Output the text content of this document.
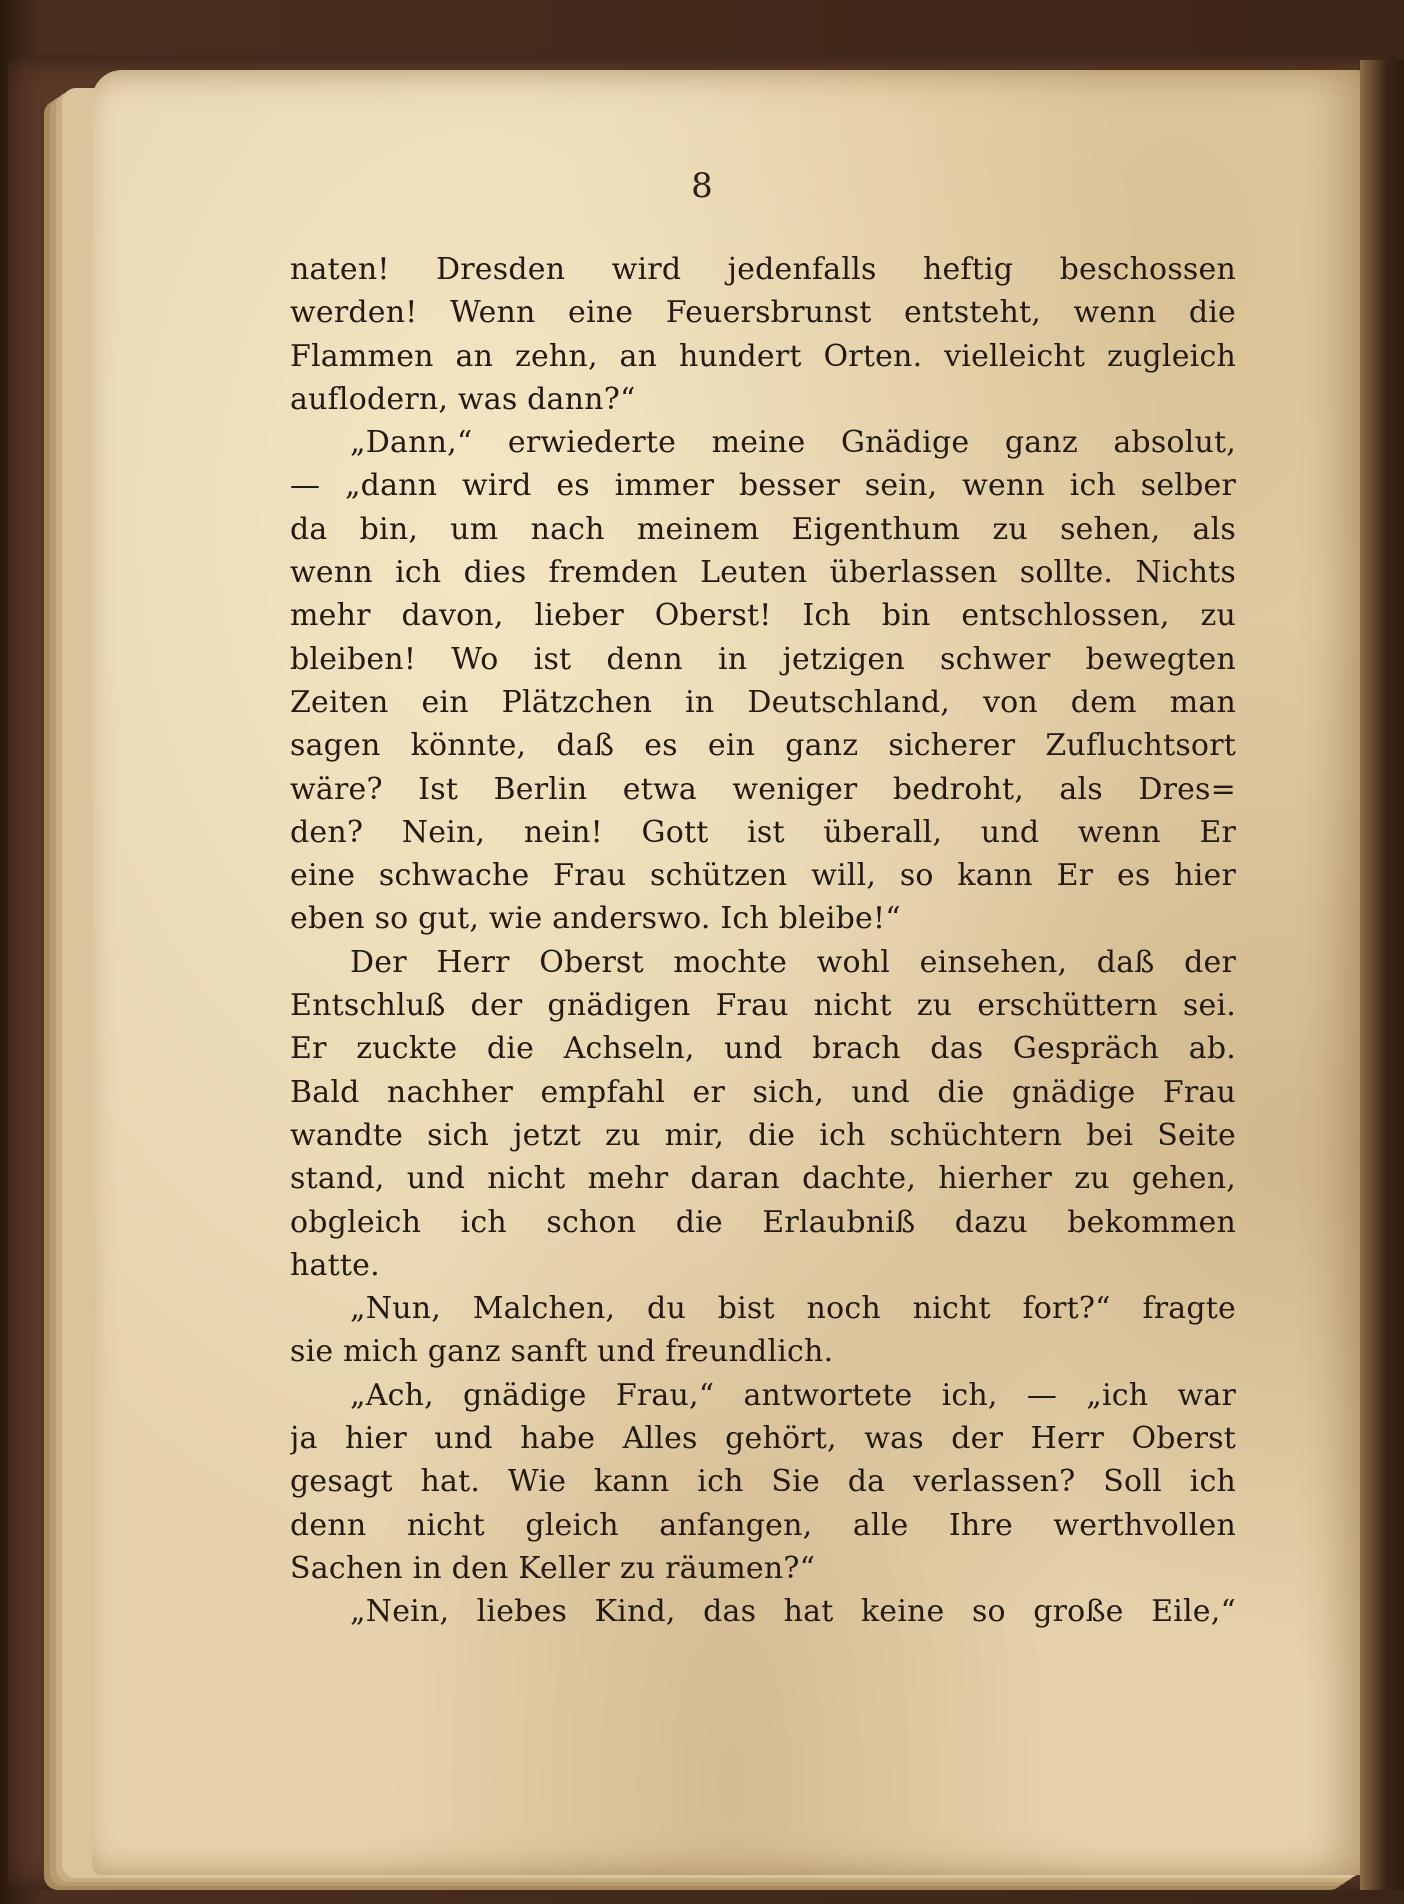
8
naten! Dresden wird jedenfalls heftig beschossen
werden! Wenn eine Feuersbrunst entsteht, wenn die
Flammen an zehn, an hundert Orten. vielleicht zugleich
auflodern, was dann?“
„Dann,“ erwiederte meine Gnädige ganz absolut,
— „dann wird es immer besser sein, wenn ich selber
da bin, um nach meinem Eigenthum zu sehen, als
wenn ich dies fremden Leuten überlassen sollte. Nichts
mehr davon, lieber Oberst! Ich bin entschlossen, zu
bleiben! Wo ist denn in jetzigen schwer bewegten
Zeiten ein Plätzchen in Deutschland, von dem man
sagen könnte, daß es ein ganz sicherer Zufluchtsort
wäre? Ist Berlin etwa weniger bedroht, als Dres=
den? Nein, nein! Gott ist überall, und wenn Er
eine schwache Frau schützen will, so kann Er es hier
eben so gut, wie anderswo. Ich bleibe!“
Der Herr Oberst mochte wohl einsehen, daß der
Entschluß der gnädigen Frau nicht zu erschüttern sei.
Er zuckte die Achseln, und brach das Gespräch ab.
Bald nachher empfahl er sich, und die gnädige Frau
wandte sich jetzt zu mir, die ich schüchtern bei Seite
stand, und nicht mehr daran dachte, hierher zu gehen,
obgleich ich schon die Erlaubniß dazu bekommen
hatte.
„Nun, Malchen, du bist noch nicht fort?“ fragte
sie mich ganz sanft und freundlich.
„Ach, gnädige Frau,“ antwortete ich, — „ich war
ja hier und habe Alles gehört, was der Herr Oberst
gesagt hat. Wie kann ich Sie da verlassen? Soll ich
denn nicht gleich anfangen, alle Ihre werthvollen
Sachen in den Keller zu räumen?“
„Nein, liebes Kind, das hat keine so große Eile,“
